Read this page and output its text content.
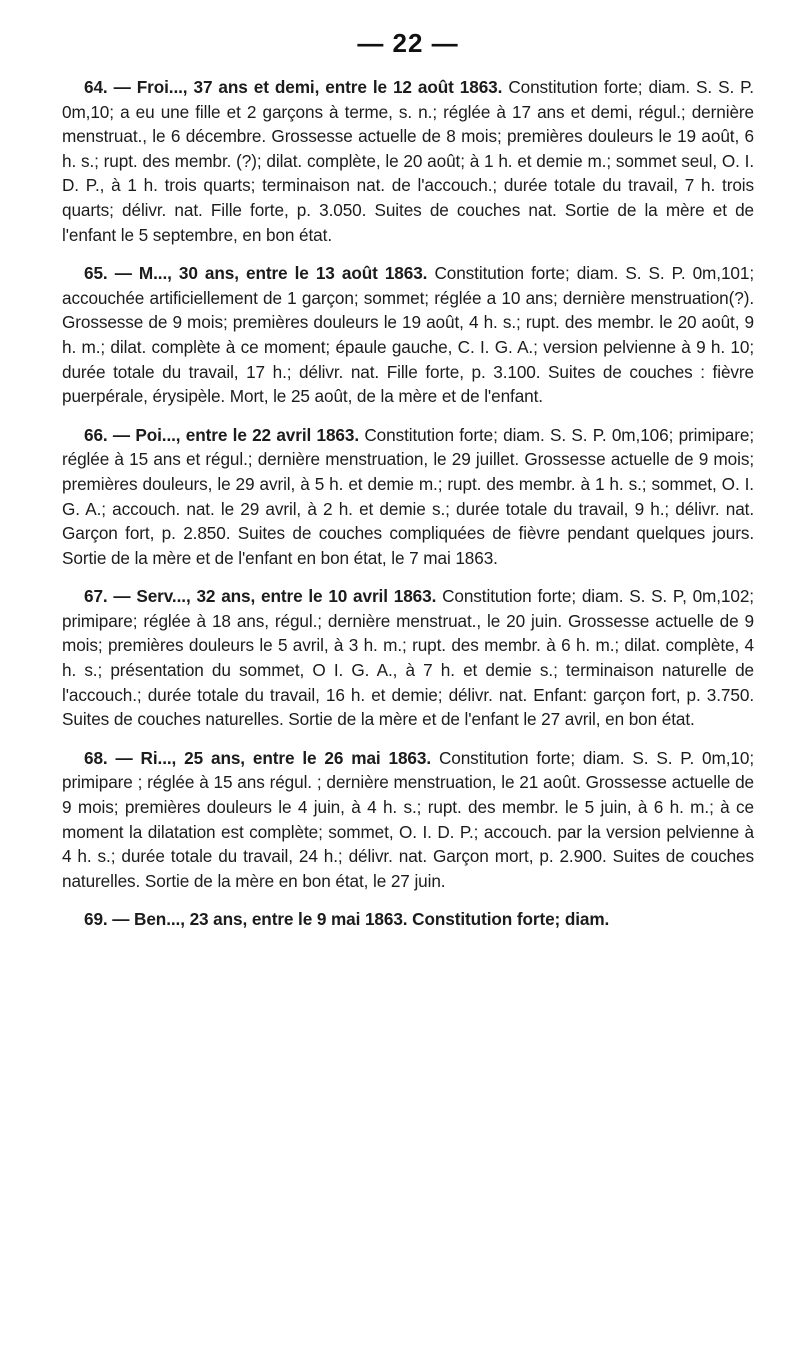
— 22 —

64. — Froi..., 37 ans et demi, entre le 12 août 1863. Constitution forte; diam. S. S. P. 0m,10; a eu une fille et 2 garçons à terme, s. n.; réglée à 17 ans et demi, régul.; dernière menstruat., le 6 décembre. Grossesse actuelle de 8 mois; premières douleurs le 19 août, 6 h. s.; rupt. des membr. (?); dilat. complète, le 20 août; à 1 h. et demie m.; sommet seul, O. I. D. P., à 1 h. trois quarts; terminaison nat. de l'accouch.; durée totale du travail, 7 h. trois quarts; délivr. nat. Fille forte, p. 3.050. Suites de couches nat. Sortie de la mère et de l'enfant le 5 septembre, en bon état.

65. — M..., 30 ans, entre le 13 août 1863. Constitution forte; diam. S. S. P. 0m,101; accouchée artificiellement de 1 garçon; sommet; réglée a 10 ans; dernière menstruation(?). Grossesse de 9 mois; premières douleurs le 19 août, 4 h. s.; rupt. des membr. le 20 août, 9 h. m.; dilat. complète à ce moment; épaule gauche, C. I. G. A.; version pelvienne à 9 h. 10; durée totale du travail, 17 h.; délivr. nat. Fille forte, p. 3.100. Suites de couches : fièvre puerpérale, érysipèle. Mort, le 25 août, de la mère et de l'enfant.

66. — Poi..., entre le 22 avril 1863. Constitution forte; diam. S. S. P. 0m,106; primipare; réglée à 15 ans et régul.; dernière menstruation, le 29 juillet. Grossesse actuelle de 9 mois; premières douleurs, le 29 avril, à 5 h. et demie m.; rupt. des membr. à 1 h. s.; sommet, O. I. G. A.; accouch. nat. le 29 avril, à 2 h. et demie s.; durée totale du travail, 9 h.; délivr. nat. Garçon fort, p. 2.850. Suites de couches compliquées de fièvre pendant quelques jours. Sortie de la mère et de l'enfant en bon état, le 7 mai 1863.

67. — Serv..., 32 ans, entre le 10 avril 1863. Constitution forte; diam. S. S. P, 0m,102; primipare; réglée à 18 ans, régul.; dernière menstruat., le 20 juin. Grossesse actuelle de 9 mois; premières douleurs le 5 avril, à 3 h. m.; rupt. des membr. à 6 h. m.; dilat. complète, 4 h. s.; présentation du sommet, O I. G. A., à 7 h. et demie s.; terminaison naturelle de l'accouch.; durée totale du travail, 16 h. et demie; délivr. nat. Enfant: garçon fort, p. 3.750. Suites de couches naturelles. Sortie de la mère et de l'enfant le 27 avril, en bon état.

68. — Ri..., 25 ans, entre le 26 mai 1863. Constitution forte; diam. S. S. P. 0m,10; primipare ; réglée à 15 ans régul. ; dernière menstruation, le 21 août. Grossesse actuelle de 9 mois; premières douleurs le 4 juin, à 4 h. s.; rupt. des membr. le 5 juin, à 6 h. m.; à ce moment la dilatation est complète; sommet, O. I. D. P.; accouch. par la version pelvienne à 4 h. s.; durée totale du travail, 24 h.; délivr. nat. Garçon mort, p. 2.900. Suites de couches naturelles. Sortie de la mère en bon état, le 27 juin.

69. — Ben..., 23 ans, entre le 9 mai 1863. Constitution forte; diam.
